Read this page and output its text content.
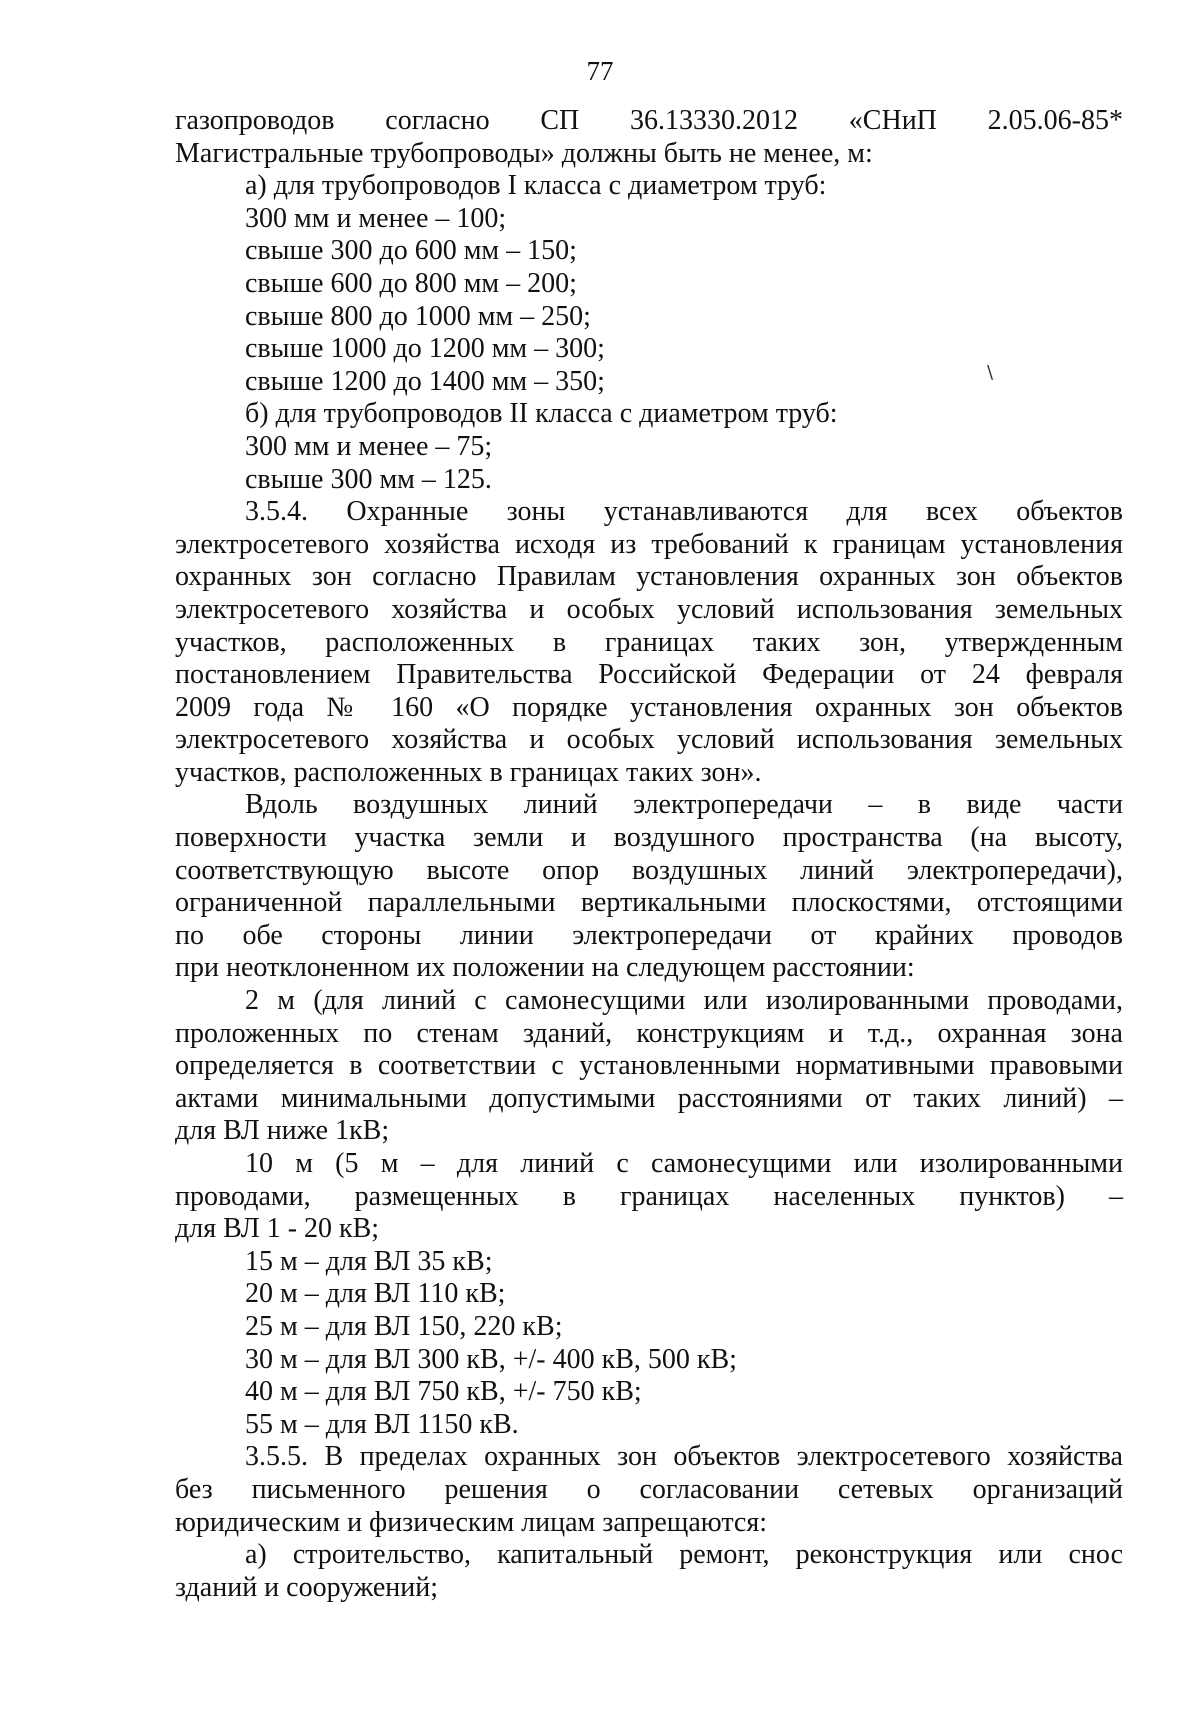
77
газопроводов согласно СП 36.13330.2012 «СНиП 2.05.06-85*
Магистральные трубопроводы» должны быть не менее, м:
а) для трубопроводов I класса с диаметром труб:
300 мм и менее – 100;
свыше 300 до 600 мм – 150;
свыше 600 до 800 мм – 200;
свыше 800 до 1000 мм – 250;
свыше 1000 до 1200 мм – 300;
свыше 1200 до 1400 мм – 350;
б) для трубопроводов II класса с диаметром труб:
300 мм и менее – 75;
свыше 300 мм – 125.
3.5.4. Охранные зоны устанавливаются для всех объектов
электросетевого хозяйства исходя из требований к границам установления
охранных зон согласно Правилам установления охранных зон объектов
электросетевого хозяйства и особых условий использования земельных
участков, расположенных в границах таких зон, утвержденным
постановлением Правительства Российской Федерации от 24 февраля
2009 года № 160 «О порядке установления охранных зон объектов
электросетевого хозяйства и особых условий использования земельных
участков, расположенных в границах таких зон».
Вдоль воздушных линий электропередачи – в виде части
поверхности участка земли и воздушного пространства (на высоту,
соответствующую высоте опор воздушных линий электропередачи),
ограниченной параллельными вертикальными плоскостями, отстоящими
по обе стороны линии электропередачи от крайних проводов
при неотклоненном их положении на следующем расстоянии:
2 м (для линий с самонесущими или изолированными проводами,
проложенных по стенам зданий, конструкциям и т.д., охранная зона
определяется в соответствии с установленными нормативными правовыми
актами минимальными допустимыми расстояниями от таких линий) –
для ВЛ ниже 1кВ;
10 м (5 м – для линий с самонесущими или изолированными
проводами, размещенных в границах населенных пунктов) –
для ВЛ 1 - 20 кВ;
15 м – для ВЛ 35 кВ;
20 м – для ВЛ 110 кВ;
25 м – для ВЛ 150, 220 кВ;
30 м – для ВЛ 300 кВ, +/- 400 кВ, 500 кВ;
40 м – для ВЛ 750 кВ, +/- 750 кВ;
55 м – для ВЛ 1150 кВ.
3.5.5. В пределах охранных зон объектов электросетевого хозяйства
без письменного решения о согласовании сетевых организаций
юридическим и физическим лицам запрещаются:
а) строительство, капитальный ремонт, реконструкция или снос
зданий и сооружений;
\
